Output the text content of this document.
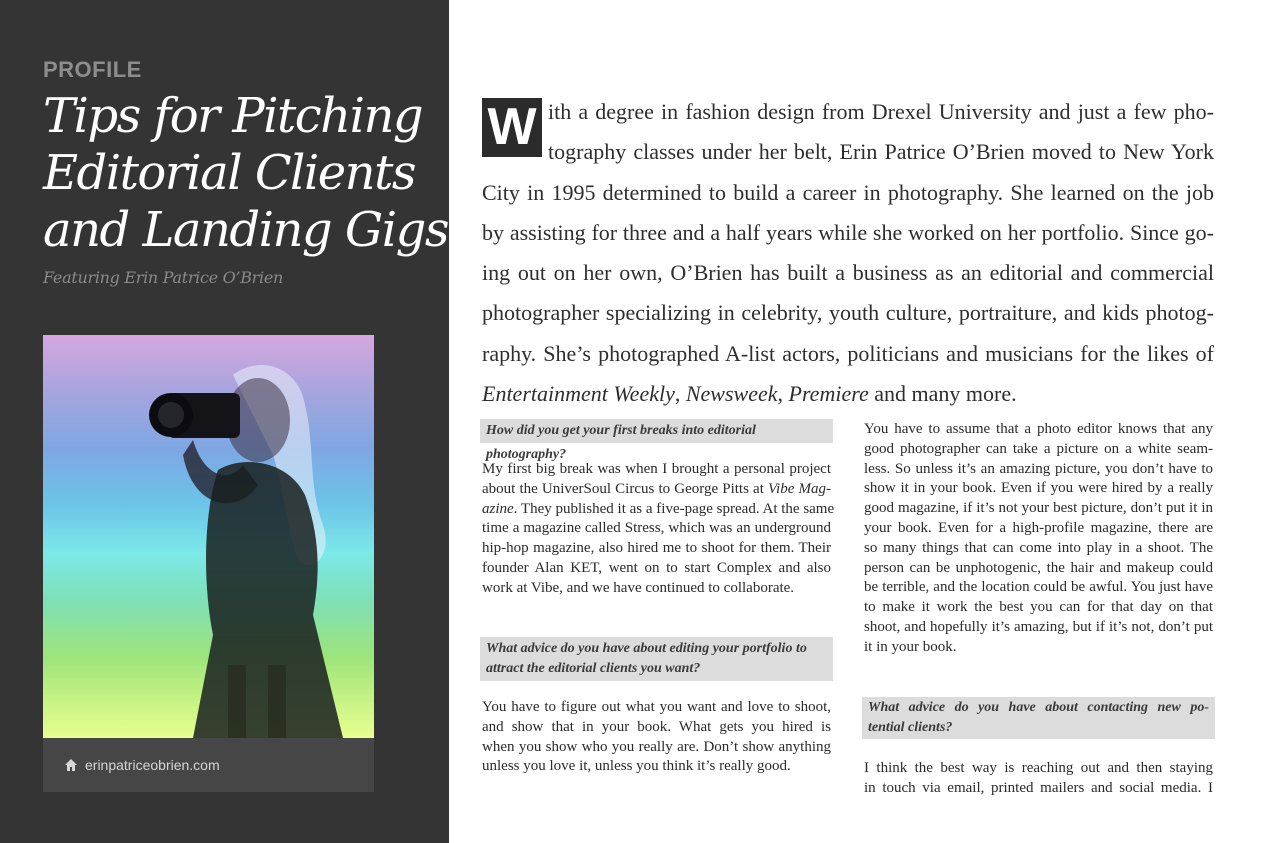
PROFILE
Tips for Pitching
Editorial Clients
and Landing Gigs
Featuring Erin Patrice O’Brien
erinpatriceobrien.com
W ith a degree in fashion design from Drexel University and just a few pho-
tography classes under her belt, Erin Patrice O’Brien moved to New York
City in 1995 determined to build a career in photography. She learned on the job
by assisting for three and a half years while she worked on her portfolio. Since go-
ing out on her own, O’Brien has built a business as an editorial and commercial
photographer specializing in celebrity, youth culture, portraiture, and kids photog-
raphy. She’s photographed A-list actors, politicians and musicians for the likes of
Entertainment Weekly, Newsweek, Premiere and many more.
How did you get your first breaks into editorial photography?
My first big break was when I brought a personal project
about the UniverSoul Circus to George Pitts at Vibe Mag-
azine. They published it as a five-page spread. At the same
time a magazine called Stress, which was an underground
hip-hop magazine, also hired me to shoot for them. Their
founder Alan KET, went on to start Complex and also
work at Vibe, and we have continued to collaborate.
What advice do you have about editing your portfolio to
attract the editorial clients you want?
You have to figure out what you want and love to shoot,
and show that in your book. What gets you hired is
when you show who you really are. Don’t show anything
unless you love it, unless you think it’s really good.
You have to assume that a photo editor knows that any
good photographer can take a picture on a white seam-
less. So unless it’s an amazing picture, you don’t have to
show it in your book. Even if you were hired by a really
good magazine, if it’s not your best picture, don’t put it in
your book. Even for a high-profile magazine, there are
so many things that can come into play in a shoot. The
person can be unphotogenic, the hair and makeup could
be terrible, and the location could be awful. You just have
to make it work the best you can for that day on that
shoot, and hopefully it’s amazing, but if it’s not, don’t put
it in your book.
What advice do you have about contacting new po-
tential clients?
I think the best way is reaching out and then staying
in touch via email, printed mailers and social media. I
